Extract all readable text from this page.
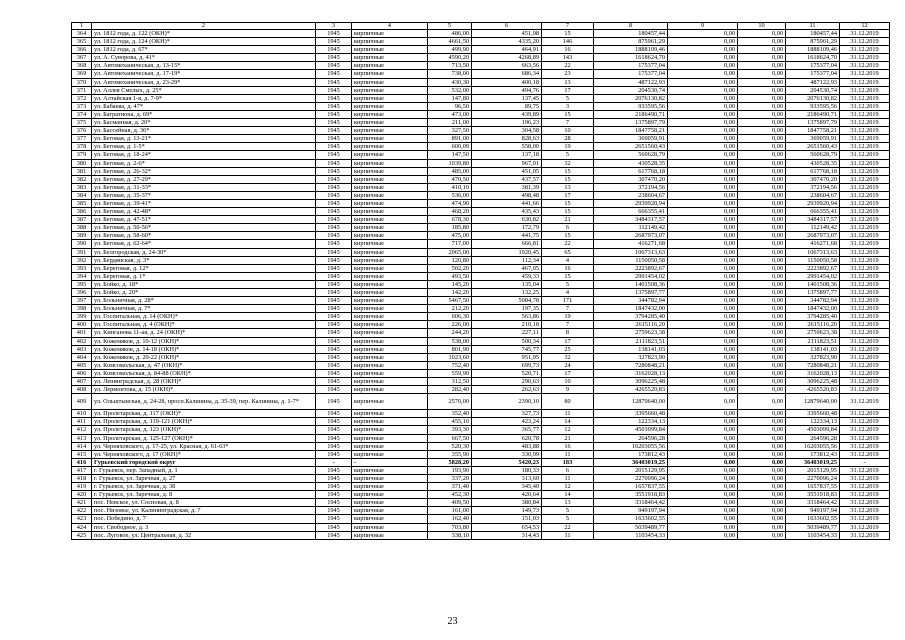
1	2	3	4	5	6	7	8	9	10	11	12
364	ул. 1812 года, д. 122 (ОКН)*	1945	кирпичные	486,00	451,98	15	180457,44	0,00	0,00	180457,44	31.12.2019
365	ул. 1812 года, д. 124 (ОКН)*	1945	кирпичные	4661,50	4335,20	146	875961,29	0,00	0,00	875961,29	31.12.2019
366	ул. 1812 года, д. 67*	1945	кирпичные	499,90	464,91	16	1888109,46	0,00	0,00	1888109,46	31.12.2019
367	ул. А. Суворова, д. 41*	1945	кирпичные	4590,20	4268,89	143	1618624,70	0,00	0,00	1618624,70	31.12.2019
368	ул. Автомеханическая, д. 13-15*	1945	кирпичные	713,50	663,56	22	175377,04	0,00	0,00	175377,04	31.12.2019
369	ул. Автомеханическая, д. 17-19*	1945	кирпичные	738,00	686,34	23	175377,04	0,00	0,00	175377,04	31.12.2019
370	ул. Автомеханическая, д. 23-29*	1945	кирпичные	430,30	400,18	13	487122,93	0,00	0,00	487122,93	31.12.2019
371	ул. Аллея Смелых, д. 25*	1945	кирпичные	532,00	494,76	17	204530,74	0,00	0,00	204530,74	31.12.2019
372	ул. Алтайская 1-я, д. 7-9*	1945	кирпичные	147,80	137,45	5	2076130,82	0,00	0,00	2076130,82	31.12.2019
373	ул. Бабаева, д. 47*	1945	кирпичные	96,50	89,75	3	933595,56	0,00	0,00	933595,56	31.12.2019
374	ул. Багратиона, д. 69*	1945	кирпичные	473,00	439,89	15	2186490,71	0,00	0,00	2186490,71	31.12.2019
375	ул. Басманная, д. 20*	1945	кирпичные	211,00	196,23	7	1375897,79	0,00	0,00	1375897,79	31.12.2019
376	ул. Бассейная, д. 36*	1945	кирпичные	327,50	304,58	10	1847758,21	0,00	0,00	1847758,21	31.12.2019
377	ул. Беговая, д. 13-21*	1945	кирпичные	891,00	828,63	28	369059,91	0,00	0,00	369059,91	31.12.2019
378	ул. Беговая, д. 1-5*	1945	кирпичные	600,09	558,00	19	2651560,43	0,00	0,00	2651560,43	31.12.2019
379	ул. Беговая, д. 18-24*	1945	кирпичные	147,50	137,18	5	560628,79	0,00	0,00	560628,79	31.12.2019
380	ул. Беговая, д. 2-6*	1945	кирпичные	1039,80	967,01	32	430528,35	0,00	0,00	430528,35	31.12.2019
381	ул. Беговая, д. 26-32*	1945	кирпичные	485,00	451,05	15	617768,18	0,00	0,00	617768,18	31.12.2019
382	ул. Беговая, д. 27-29*	1945	кирпичные	470,50	437,57	15	307470,20	0,00	0,00	307470,20	31.12.2019
383	ул. Беговая, д. 31-33*	1945	кирпичные	410,10	381,39	13	372194,56	0,00	0,00	372194,56	31.12.2019
384	ул. Беговая, д. 35-37*	1945	кирпичные	536,00	498,48	17	238604,67	0,00	0,00	238604,67	31.12.2019
385	ул. Беговая, д. 39-41*	1945	кирпичные	474,90	441,66	15	2939920,94	0,00	0,00	2939920,94	31.12.2019
386	ул. Беговая, д. 42-48*	1945	кирпичные	468,20	435,43	15	666355,41	0,00	0,00	666355,41	31.12.2019
387	ул. Беговая, д. 47-51*	1945	кирпичные	678,30	630,82	21	3484317,57	0,00	0,00	3484317,57	31.12.2019
388	ул. Беговая, д. 50-56*	1945	кирпичные	185,80	172,79	6	112149,42	0,00	0,00	112149,42	31.12.2019
389	ул. Беговая, д. 58-60*	1945	кирпичные	475,00	441,75	15	2687973,07	0,00	0,00	2687973,07	31.12.2019
390	ул. Беговая, д. 62-64*	1945	кирпичные	717,00	666,81	22	416271,68	0,00	0,00	416271,68	31.12.2019
391	ул. Белгородская, д. 24-30*	1945	кирпичные	2065,00	1920,45	65	1067313,63	0,00	0,00	1067313,63	31.12.2019
392	ул. Бердянская, д. 3*	1945	кирпичные	120,80	112,34	4	1150050,58	0,00	0,00	1150050,58	31.12.2019
393	ул. Береговая, д. 12*	1945	кирпичные	502,20	467,05	16	2223892,67	0,00	0,00	2223892,67	31.12.2019
394	ул. Береговая, д. 1*	1945	кирпичные	493,50	459,33	15	2991454,02	0,00	0,00	2991454,02	31.12.2019
395	ул. Бойко, д. 18*	1945	кирпичные	145,20	135,04	5	1401508,36	0,00	0,00	1401508,36	31.12.2019
396	ул. Бойко, д. 20*	1945	кирпичные	142,20	132,25	4	1375897,77	0,00	0,00	1375897,77	31.12.2019
397	ул. Больничная, д. 28*	1945	кирпичные	5467,50	5084,78	171	344782,94	0,00	0,00	344782,94	31.12.2019
398	ул. Больничная, д. 7*	1945	кирпичные	212,20	197,35	7	1847432,00	0,00	0,00	1847432,00	31.12.2019
399	ул. Госпитальная, д. 14 (ОКН)*	1945	кирпичные	606,30	563,86	19	3794285,40	0,00	0,00	3794285,40	31.12.2019
400	ул. Госпитальная, д. 4 (ОКН)*	1945	кирпичные	226,00	210,18	7	2615116,20	0,00	0,00	2615116,20	31.12.2019
401	ул. Кинганова 11-ая, д. 24 (ОКН)*	1945	кирпичные	244,20	227,11	8	2759623,38	0,00	0,00	2759623,38	31.12.2019
402	ул. Кожемяков, д. 10-12 (ОКН)*	1945	кирпичные	538,00	500,34	17	2111823,51	0,00	0,00	2111823,51	31.12.2019
403	ул. Кожемяков, д. 14-18 (ОКН)*	1945	кирпичные	801,90	745,77	25	138141,03	0,00	0,00	138141,03	31.12.2019
404	ул. Кожемяков, д. 20-22 (ОКН)*	1945	кирпичные	1023,60	951,95	32	327823,90	0,00	0,00	327823,90	31.12.2019
405	ул. Комсомольская, д. 47 (ОКН)*	1945	кирпичные	752,40	699,73	24	7280848,21	0,00	0,00	7280848,21	31.12.2019
406	ул. Комсомольская, д. 84-88 (ОКН)*	1945	кирпичные	559,90	520,71	17	3162028,13	0,00	0,00	3162028,13	31.12.2019
407	ул. Ленинградская, д. 28 (ОКН)*	1945	кирпичные	312,50	290,63	10	3096225,48	0,00	0,00	3096225,48	31.12.2019
408	ул. Лермонтова, д. 15 (ОКН)*	1945	кирпичные	282,40	262,63	9	4265520,83	0,00	0,00	4265520,83	31.12.2019
409	ул. Ольштынская, д. 24-28, просп.Калинина, д. 35-39, пер. Калинина, д. 1-7*	1945	кирпичные	2570,00	2390,10	80	12879640,00	0,00	0,00	12879640,00	31.12.2019
410	ул. Пролетарская, д. 117 (ОКН)*	1945	кирпичные	352,40	327,73	11	3395660,48	0,00	0,00	3395660,48	31.12.2019
411	ул. Пролетарская, д. 119-121 (ОКН)*	1945	кирпичные	455,10	423,24	14	122334,13	0,00	0,00	122334,13	31.12.2019
412	ул. Пролетарская, д. 123 (ОКН)*	1945	кирпичные	393,30	365,77	12	4503099,84	0,00	0,00	4503099,84	31.12.2019
413	ул. Пролетарская, д. 125-127 (ОКН)*	1945	кирпичные	667,50	620,78	21	264596,28	0,00	0,00	264596,28	31.12.2019
414	ул. Черняховского, д. 17-25, ул. Красная, д. 61-63*	1945	кирпичные	520,30	483,88	16	16203055,56	0,00	0,00	16203055,56	31.12.2019
415	ул. Черняховского, д. 17 (ОКН)*	1945	кирпичные	355,90	330,99	11	173812,43	0,00	0,00	173812,43	31.12.2019
416	Гурьевский городской округ	-	-	5828,20	5420,23	183	36403019,25	0,00	0,00	36403019,25	-
417	г. Гурьевск, пер. Западный, д. 1	1945	кирпичные	193,90	180,33	6	2015129,95	0,00	0,00	2015129,95	31.12.2019
418	г. Гурьевск, ул. Заречная, д. 27	1945	кирпичные	337,20	313,60	11	2270096,24	0,00	0,00	2270096,24	31.12.2019
419	г. Гурьевск, ул. Заречная, д. 38	1945	кирпичные	371,40	345,40	12	1657837,55	0,00	0,00	1657837,55	31.12.2019
420	г. Гурьевск, ул. Заречная, д. 8	1945	кирпичные	452,30	420,64	14	3551918,83	0,00	0,00	3551918,83	31.12.2019
421	пос. Невское, ул. Сосновая, д. 8	1945	кирпичные	409,50	380,84	13	3318464,42	0,00	0,00	3318464,42	31.12.2019
422	пос. Низовье, ул. Калининградская, д. 7	1945	кирпичные	161,00	149,73	5	949197,94	0,00	0,00	949197,94	31.12.2019
423	пос. Победино, д. 7	1945	кирпичные	162,40	151,03	5	1633602,55	0,00	0,00	1633602,55	31.12.2019
424	пос. Свободное, д. 3	1945	кирпичные	703,80	654,53	22	5039489,77	0,00	0,00	5039489,77	31.12.2019
425	пос. Луговое, ул. Центральная, д. 32	1945	кирпичные	338,10	314,43	11	1103454,33	0,00	0,00	1103454,33	31.12.2019
23
